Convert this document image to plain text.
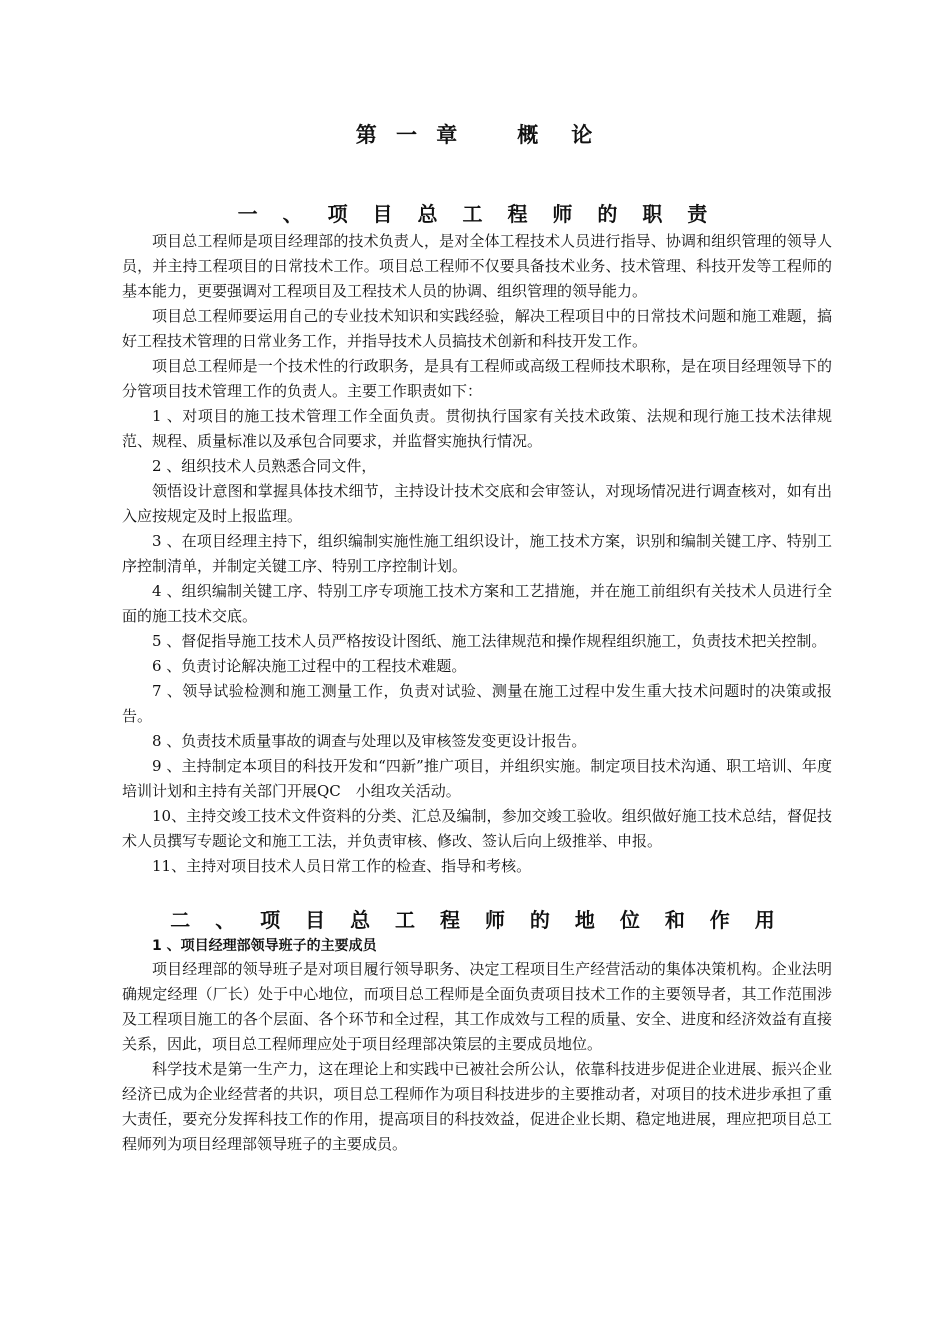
第 一 章　　概　论
一 、 项 目 总 工 程 师 的 职 责

项目总工程师是项目经理部的技术负责人，是对全体工程技术人员进行指导、协调和组织管理的领导人员，并主持工程项目的日常技术工作。项目总工程师不仅要具备技术业务、技术管理、科技开发等工程师的基本能力，更要强调对工程项目及工程技术人员的协调、组织管理的领导能力。

项目总工程师要运用自己的专业技术知识和实践经验，解决工程项目中的日常技术问题和施工难题，搞好工程技术管理的日常业务工作，并指导技术人员搞技术创新和科技开发工作。

项目总工程师是一个技术性的行政职务，是具有工程师或高级工程师技术职称，是在项目经理领导下的分管项目技术管理工作的负责人。主要工作职责如下：

1 、对项目的施工技术管理工作全面负责。贯彻执行国家有关技术政策、法规和现行施工技术法律规范、规程、质量标准以及承包合同要求，并监督实施执行情况。

2 、组织技术人员熟悉合同文件，

领悟设计意图和掌握具体技术细节，主持设计技术交底和会审签认，对现场情况进行调查核对，如有出入应按规定及时上报监理。

3 、在项目经理主持下，组织编制实施性施工组织设计，施工技术方案，识别和编制关键工序、特别工序控制清单，并制定关键工序、特别工序控制计划。

4 、组织编制关键工序、特别工序专项施工技术方案和工艺措施，并在施工前组织有关技术人员进行全面的施工技术交底。

5 、督促指导施工技术人员严格按设计图纸、施工法律规范和操作规程组织施工，负责技术把关控制。

6 、负责讨论解决施工过程中的工程技术难题。

7 、领导试验检测和施工测量工作，负责对试验、测量在施工过程中发生重大技术问题时的决策或报告。

8 、负责技术质量事故的调查与处理以及审核签发变更设计报告。

9 、主持制定本项目的科技开发和“四新”推广项目，并组织实施。制定项目技术沟通、职工培训、年度培训计划和主持有关部门开展QC　小组攻关活动。

10、主持交竣工技术文件资料的分类、汇总及编制，参加交竣工验收。组织做好施工技术总结，督促技术人员撰写专题论文和施工工法，并负责审核、修改、签认后向上级推举、申报。

11、主持对项目技术人员日常工作的检查、指导和考核。

二 、 项 目 总 工 程 师 的 地 位 和 作 用
1 、项目经理部领导班子的主要成员

项目经理部的领导班子是对项目履行领导职务、决定工程项目生产经营活动的集体决策机构。企业法明确规定经理（厂长）处于中心地位，而项目总工程师是全面负责项目技术工作的主要领导者，其工作范围涉及工程项目施工的各个层面、各个环节和全过程，其工作成效与工程的质量、安全、进度和经济效益有直接关系，因此，项目总工程师理应处于项目经理部决策层的主要成员地位。

科学技术是第一生产力，这在理论上和实践中已被社会所公认，依靠科技进步促进企业进展、振兴企业经济已成为企业经营者的共识，项目总工程师作为项目科技进步的主要推动者，对项目的技术进步承担了重大责任，要充分发挥科技工作的作用，提高项目的科技效益，促进企业长期、稳定地进展，理应把项目总工程师列为项目经理部领导班子的主要成员。
